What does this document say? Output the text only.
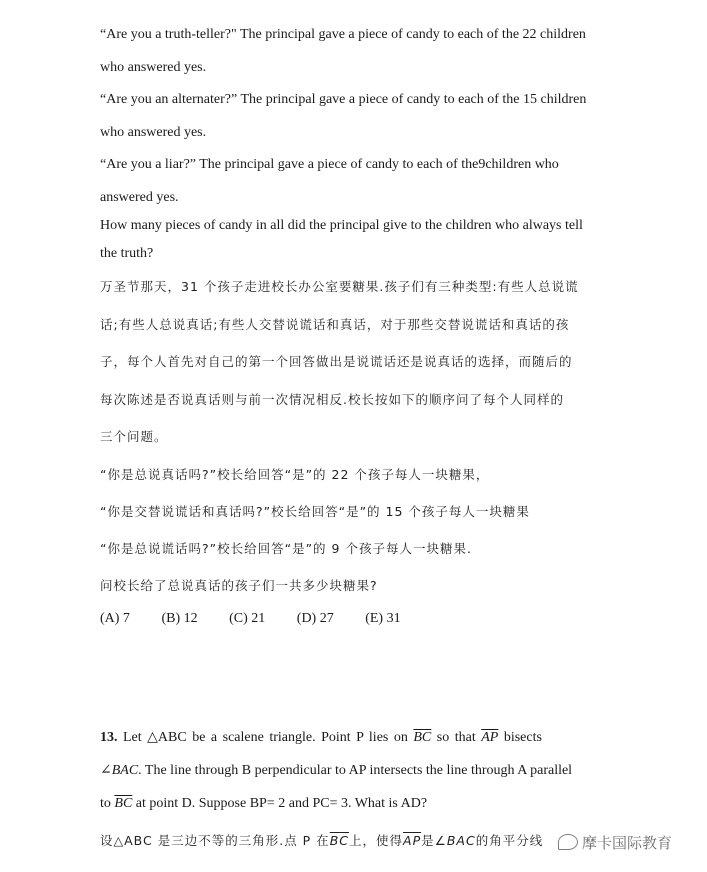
“Are you a truth-teller?" The principal gave a piece of candy to each of the 22 children
who answered yes.
“Are you an alternater?” The principal gave a piece of candy to each of the 15 children
who answered yes.
“Are you a liar?” The principal gave a piece of candy to each of the9children who
answered yes.
How many pieces of candy in all did the principal give to the children who always tell
the truth?
万圣节那天，31 个孩子走进校长办公室要糖果.孩子们有三种类型:有些人总说谎
话;有些人总说真话;有些人交替说谎话和真话，对于那些交替说谎话和真话的孩
子，每个人首先对自己的第一个回答做出是说谎话还是说真话的选择，而随后的
每次陈述是否说真话则与前一次情况相反.校长按如下的顺序问了每个人同样的
三个问题。
“你是总说真话吗?”校长给回答“是”的 22 个孩子每人一块糖果，
“你是交替说谎话和真话吗?”校长给回答“是”的 15 个孩子每人一块糖果
“你是总说谎话吗?”校长给回答“是”的 9 个孩子每人一块糖果.
问校长给了总说真话的孩子们一共多少块糖果?
(A) 7 (B) 12 (C) 21 (D) 27 (E) 31
13. Let △ABC be a scalene triangle. Point P lies on $\overline{BC}$ so that $\overline{AP}$ bisects
∠BAC. The line through B perpendicular to AP intersects the line through A parallel
to $\overline{BC}$ at point D. Suppose BP= 2 and PC= 3. What is AD?
设△ABC 是三边不等的三角形.点 P 在$\overline{BC}$上，使得$\overline{AP}$是∠BAC的角平分线	摩卡国际教育
